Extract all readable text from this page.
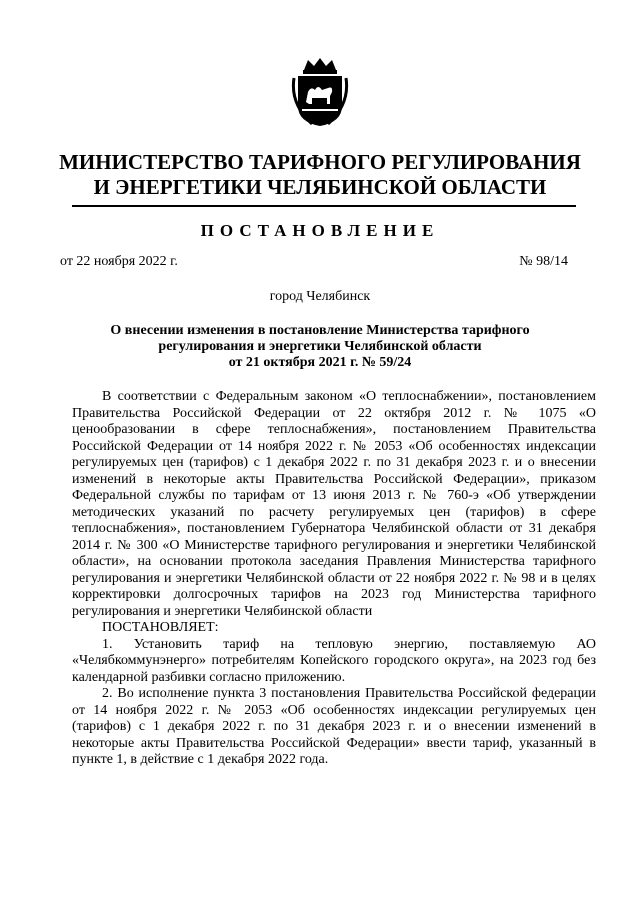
МИНИСТЕРСТВО ТАРИФНОГО РЕГУЛИРОВАНИЯ
И ЭНЕРГЕТИКИ ЧЕЛЯБИНСКОЙ ОБЛАСТИ
ПОСТАНОВЛЕНИЕ
от 22 ноября 2022 г.	№ 98/14
город Челябинск
О внесении изменения в постановление Министерства тарифного
регулирования и энергетики Челябинской области
от 21 октября 2021 г. № 59/24

В соответствии с Федеральным законом «О теплоснабжении», постановлением Правительства Российской Федерации от 22 октября 2012 г. № 1075 «О ценообразовании в сфере теплоснабжения», постановлением Правительства Российской Федерации от 14 ноября 2022 г. № 2053 «Об особенностях индексации регулируемых цен (тарифов) с 1 декабря 2022 г. по 31 декабря 2023 г. и о внесении изменений в некоторые акты Правительства Российской Федерации», приказом Федеральной службы по тарифам от 13 июня 2013 г. № 760-э «Об утверждении методических указаний по расчету регулируемых цен (тарифов) в сфере теплоснабжения», постановлением Губернатора Челябинской области от 31 декабря 2014 г. № 300 «О Министерстве тарифного регулирования и энергетики Челябинской области», на основании протокола заседания Правления Министерства тарифного регулирования и энергетики Челябинской области от 22 ноября 2022 г. № 98 и в целях корректировки долгосрочных тарифов на 2023 год Министерства тарифного регулирования и энергетики Челябинской области

ПОСТАНОВЛЯЕТ:

1. Установить тариф на тепловую энергию, поставляемую АО «Челябкоммунэнерго» потребителям Копейского городского округа», на 2023 год без календарной разбивки согласно приложению.

2. Во исполнение пункта 3 постановления Правительства Российской федерации от 14 ноября 2022 г. № 2053 «Об особенностях индексации регулируемых цен (тарифов) с 1 декабря 2022 г. по 31 декабря 2023 г. и о внесении изменений в некоторые акты Правительства Российской Федерации» ввести тариф, указанный в пункте 1, в действие с 1 декабря 2022 года.
